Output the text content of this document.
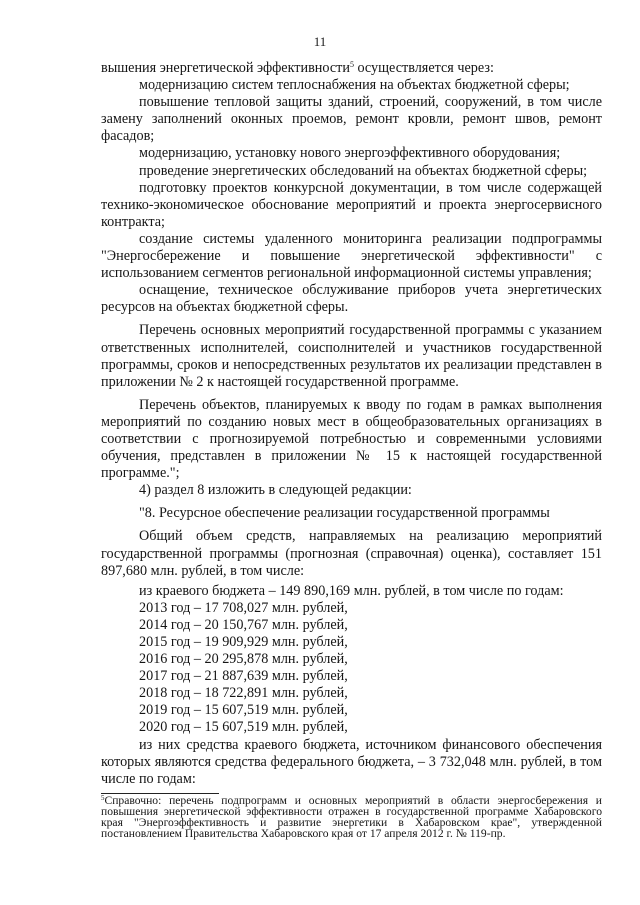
11

вышения энергетической эффективности$^5$ осуществляется через:

модернизацию систем теплоснабжения на объектах бюджетной сферы;

повышение тепловой защиты зданий, строений, сооружений, в том числе замену заполнений оконных проемов, ремонт кровли, ремонт швов, ремонт фасадов;

модернизацию, установку нового энергоэффективного оборудования;

проведение энергетических обследований на объектах бюджетной сферы;

подготовку проектов конкурсной документации, в том числе содержащей технико-экономическое обоснование мероприятий и проекта энергосервисного контракта;

создание системы удаленного мониторинга реализации подпрограммы "Энергосбережение и повышение энергетической эффективности" с использованием сегментов региональной информационной системы управления;

оснащение, техническое обслуживание приборов учета энергетических ресурсов на объектах бюджетной сферы.

Перечень основных мероприятий государственной программы с указанием ответственных исполнителей, соисполнителей и участников государственной программы, сроков и непосредственных результатов их реализации представлен в приложении № 2 к настоящей государственной программе.

Перечень объектов, планируемых к вводу по годам в рамках выполнения мероприятий по созданию новых мест в общеобразовательных организациях в соответствии с прогнозируемой потребностью и современными условиями обучения, представлен в приложении № 15 к настоящей государственной программе.";

4) раздел 8 изложить в следующей редакции:

"8. Ресурсное обеспечение реализации государственной программы

Общий объем средств, направляемых на реализацию мероприятий государственной программы (прогнозная (справочная) оценка), составляет 151 897,680 млн. рублей, в том числе:

из краевого бюджета – 149 890,169 млн. рублей, в том числе по годам:

2013 год – 17 708,027 млн. рублей,

2014 год – 20 150,767 млн. рублей,

2015 год – 19 909,929 млн. рублей,

2016 год – 20 295,878 млн. рублей,

2017 год – 21 887,639 млн. рублей,

2018 год – 18 722,891 млн. рублей,

2019 год – 15 607,519 млн. рублей,

2020 год – 15 607,519 млн. рублей,

из них средства краевого бюджета, источником финансового обеспечения которых являются средства федерального бюджета, – 3 732,048 млн. рублей, в том числе по годам:

$^5$Справочно: перечень подпрограмм и основных мероприятий в области энергосбережения и повышения энергетической эффективности отражен в государственной программе Хабаровского края "Энергоэффективность и развитие энергетики в Хабаровском крае", утвержденной постановлением Правительства Хабаровского края от 17 апреля 2012 г. № 119-пр.
